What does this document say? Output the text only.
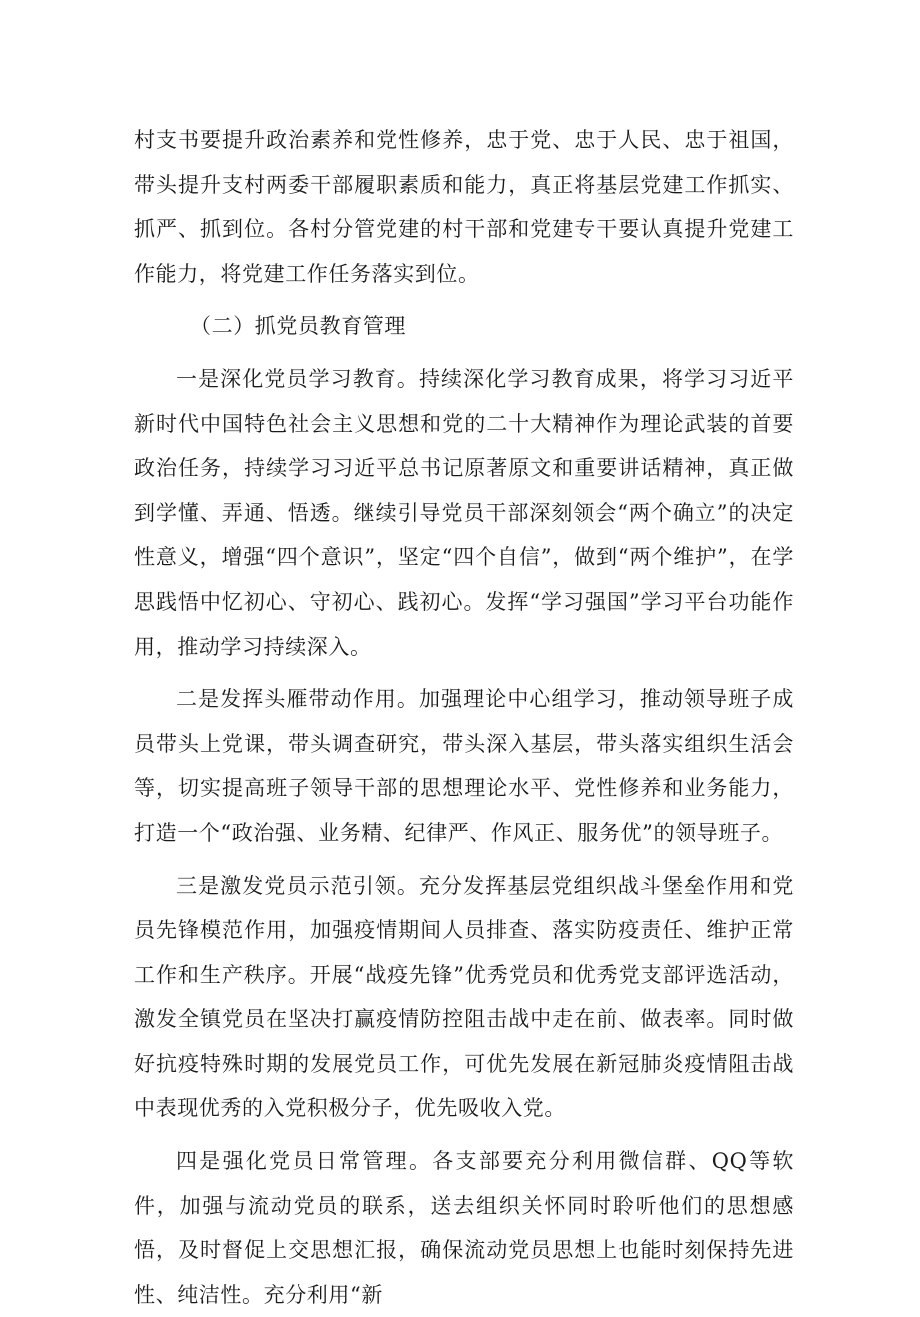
村支书要提升政治素养和党性修养，忠于党、忠于人民、忠于祖国，带头提升支村两委干部履职素质和能力，真正将基层党建工作抓实、抓严、抓到位。各村分管党建的村干部和党建专干要认真提升党建工作能力，将党建工作任务落实到位。

（二）抓党员教育管理

一是深化党员学习教育。持续深化学习教育成果，将学习习近平新时代中国特色社会主义思想和党的二十大精神作为理论武装的首要政治任务，持续学习习近平总书记原著原文和重要讲话精神，真正做到学懂、弄通、悟透。继续引导党员干部深刻领会“两个确立”的决定性意义，增强“四个意识”，坚定“四个自信”，做到“两个维护”，在学思践悟中忆初心、守初心、践初心。发挥“学习强国”学习平台功能作用，推动学习持续深入。

二是发挥头雁带动作用。加强理论中心组学习，推动领导班子成员带头上党课，带头调查研究，带头深入基层，带头落实组织生活会等，切实提高班子领导干部的思想理论水平、党性修养和业务能力，打造一个“政治强、业务精、纪律严、作风正、服务优”的领导班子。

三是激发党员示范引领。充分发挥基层党组织战斗堡垒作用和党员先锋模范作用，加强疫情期间人员排查、落实防疫责任、维护正常工作和生产秩序。开展“战疫先锋”优秀党员和优秀党支部评选活动，激发全镇党员在坚决打赢疫情防控阻击战中走在前、做表率。同时做好抗疫特殊时期的发展党员工作，可优先发展在新冠肺炎疫情阻击战中表现优秀的入党积极分子，优先吸收入党。

四是强化党员日常管理。各支部要充分利用微信群、QQ等软件，加强与流动党员的联系，送去组织关怀同时聆听他们的思想感悟，及时督促上交思想汇报，确保流动党员思想上也能时刻保持先进性、纯洁性。充分利用“新
